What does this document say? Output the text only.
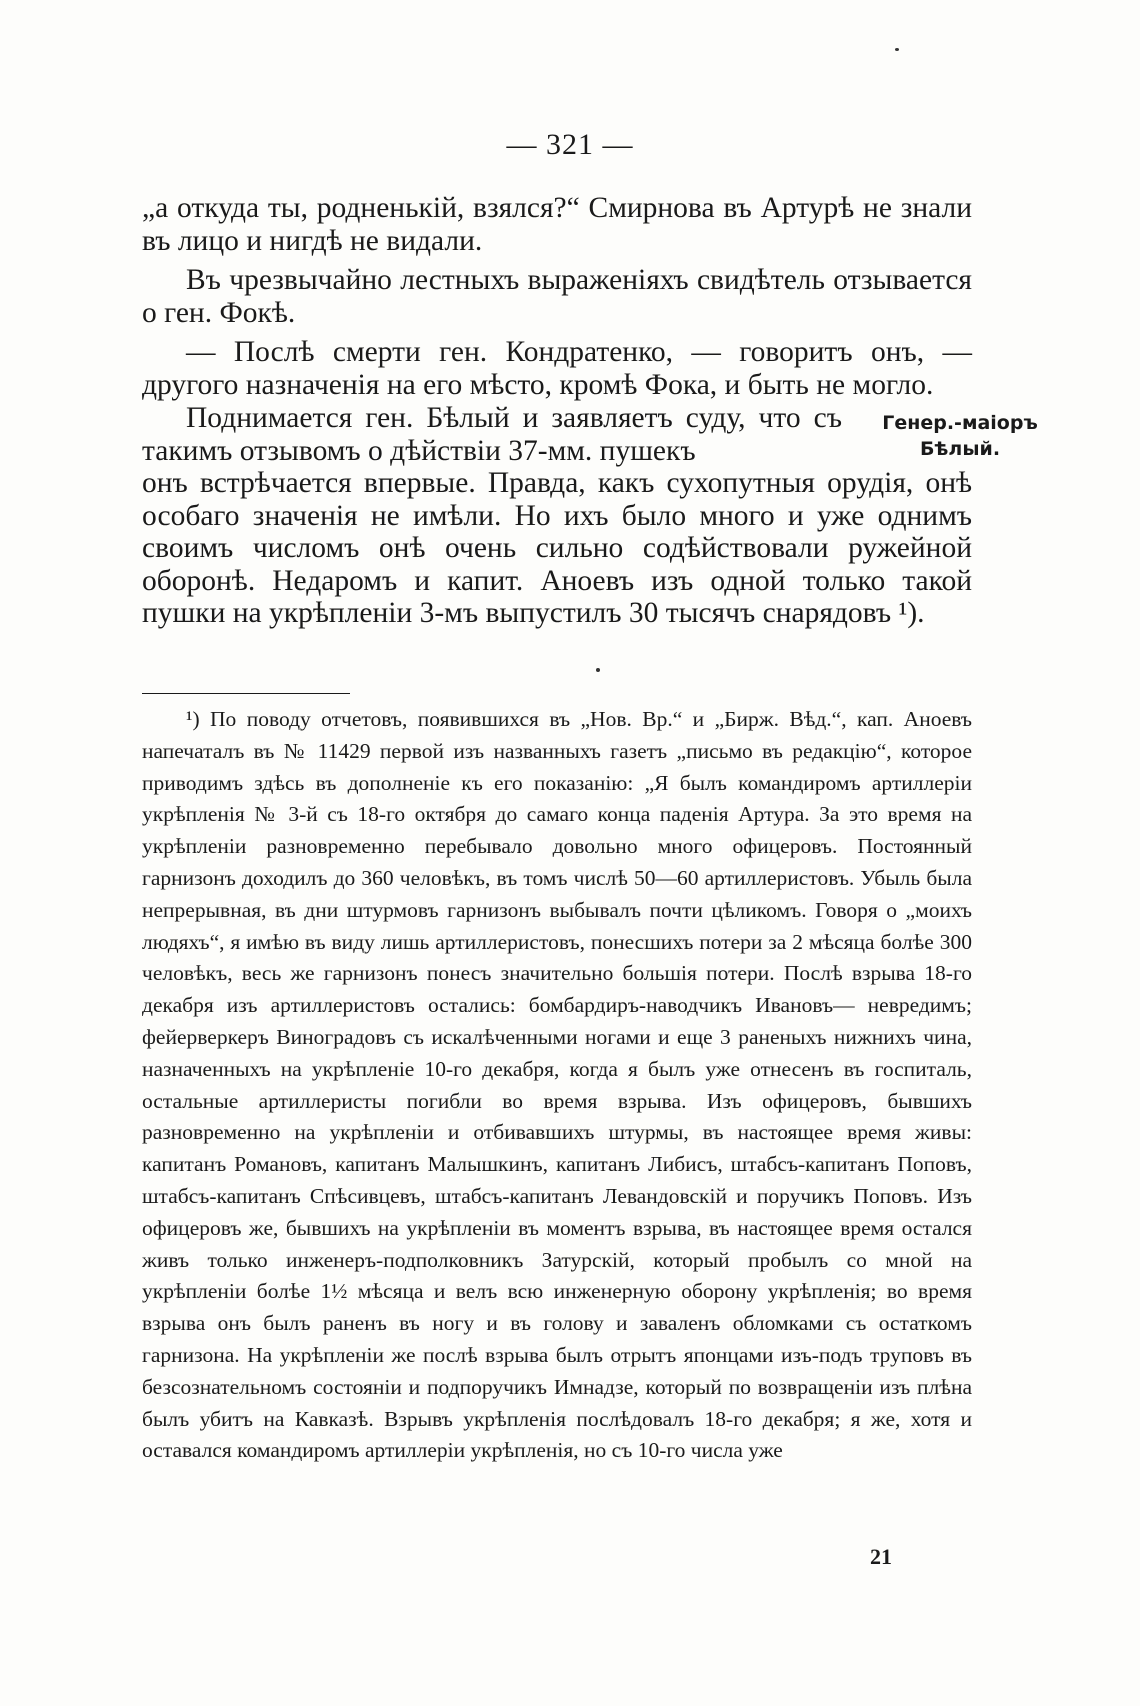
— 321 —

„а откуда ты, родненькій, взялся?“ Смирнова въ Артурѣ не знали въ лицо и нигдѣ не видали.

Въ чрезвычайно лестныхъ выраженіяхъ свидѣтель отзывается о ген. Фокѣ.

— Послѣ смерти ген. Кондратенко, — говоритъ онъ, — другого назначенія на его мѣсто, кромѣ Фока, и быть не могло.

Поднимается ген. Бѣлый и заявляетъ суду, что съ такимъ отзывомъ о дѣйствіи 37-мм. пушекъ

онъ встрѣчается впервые. Правда, какъ сухопутныя орудія, онѣ особаго значенія не имѣли. Но ихъ было много и уже однимъ своимъ числомъ онѣ очень сильно содѣйствовали ружейной оборонѣ. Недаромъ и капит. Аноевъ изъ одной только такой пушки на укрѣпленіи 3-мъ выпустилъ 30 тысячъ снарядовъ ¹).

Генер.-маіоръ
Бѣлый.

¹) По поводу отчетовъ, появившихся въ „Нов. Вр.“ и „Бирж. Вѣд.“, кап. Аноевъ напечаталъ въ № 11429 первой изъ названныхъ газетъ „письмо въ редакцію“, которое приводимъ здѣсь въ дополненіе къ его показанію: „Я былъ командиромъ артиллеріи укрѣпленія № 3-й съ 18-го октября до самаго конца паденія Артура. За это время на укрѣпленіи разновременно перебывало довольно много офицеровъ. Постоянный гарнизонъ доходилъ до 360 человѣкъ, въ томъ числѣ 50—60 артиллеристовъ. Убыль была непрерывная, въ дни штурмовъ гарнизонъ выбывалъ почти цѣликомъ. Говоря о „моихъ людяхъ“, я имѣю въ виду лишь артиллеристовъ, понесшихъ потери за 2 мѣсяца болѣе 300 человѣкъ, весь же гарнизонъ понесъ значительно большія потери. Послѣ взрыва 18-го декабря изъ артиллеристовъ остались: бомбардиръ-наводчикъ Ивановъ— невредимъ; фейерверкеръ Виноградовъ съ искалѣченными ногами и еще 3 раненыхъ нижнихъ чина, назначенныхъ на укрѣпленіе 10-го декабря, когда я былъ уже отнесенъ въ госпиталь, остальные артиллеристы погибли во время взрыва. Изъ офицеровъ, бывшихъ разновременно на укрѣпленіи и отбивавшихъ штурмы, въ настоящее время живы: капитанъ Романовъ, капитанъ Малышкинъ, капитанъ Либисъ, штабсъ-капитанъ Поповъ, штабсъ-капитанъ Спѣсивцевъ, штабсъ-капитанъ Левандовскій и поручикъ Поповъ. Изъ офицеровъ же, бывшихъ на укрѣпленіи въ моментъ взрыва, въ настоящее время остался живъ только инженеръ-подполковникъ Затурскій, который пробылъ со мной на укрѣпленіи болѣе 1½ мѣсяца и велъ всю инженерную оборону укрѣпленія; во время взрыва онъ былъ раненъ въ ногу и въ голову и заваленъ обломками съ остаткомъ гарнизона. На укрѣпленіи же послѣ взрыва былъ отрытъ японцами изъ-подъ труповъ въ безсознательномъ состояніи и подпоручикъ Имнадзе, который по возвращеніи изъ плѣна былъ убитъ на Кавказѣ. Взрывъ укрѣпленія послѣдовалъ 18-го декабря; я же, хотя и оставался командиромъ артиллеріи укрѣпленія, но съ 10-го числа уже

21
